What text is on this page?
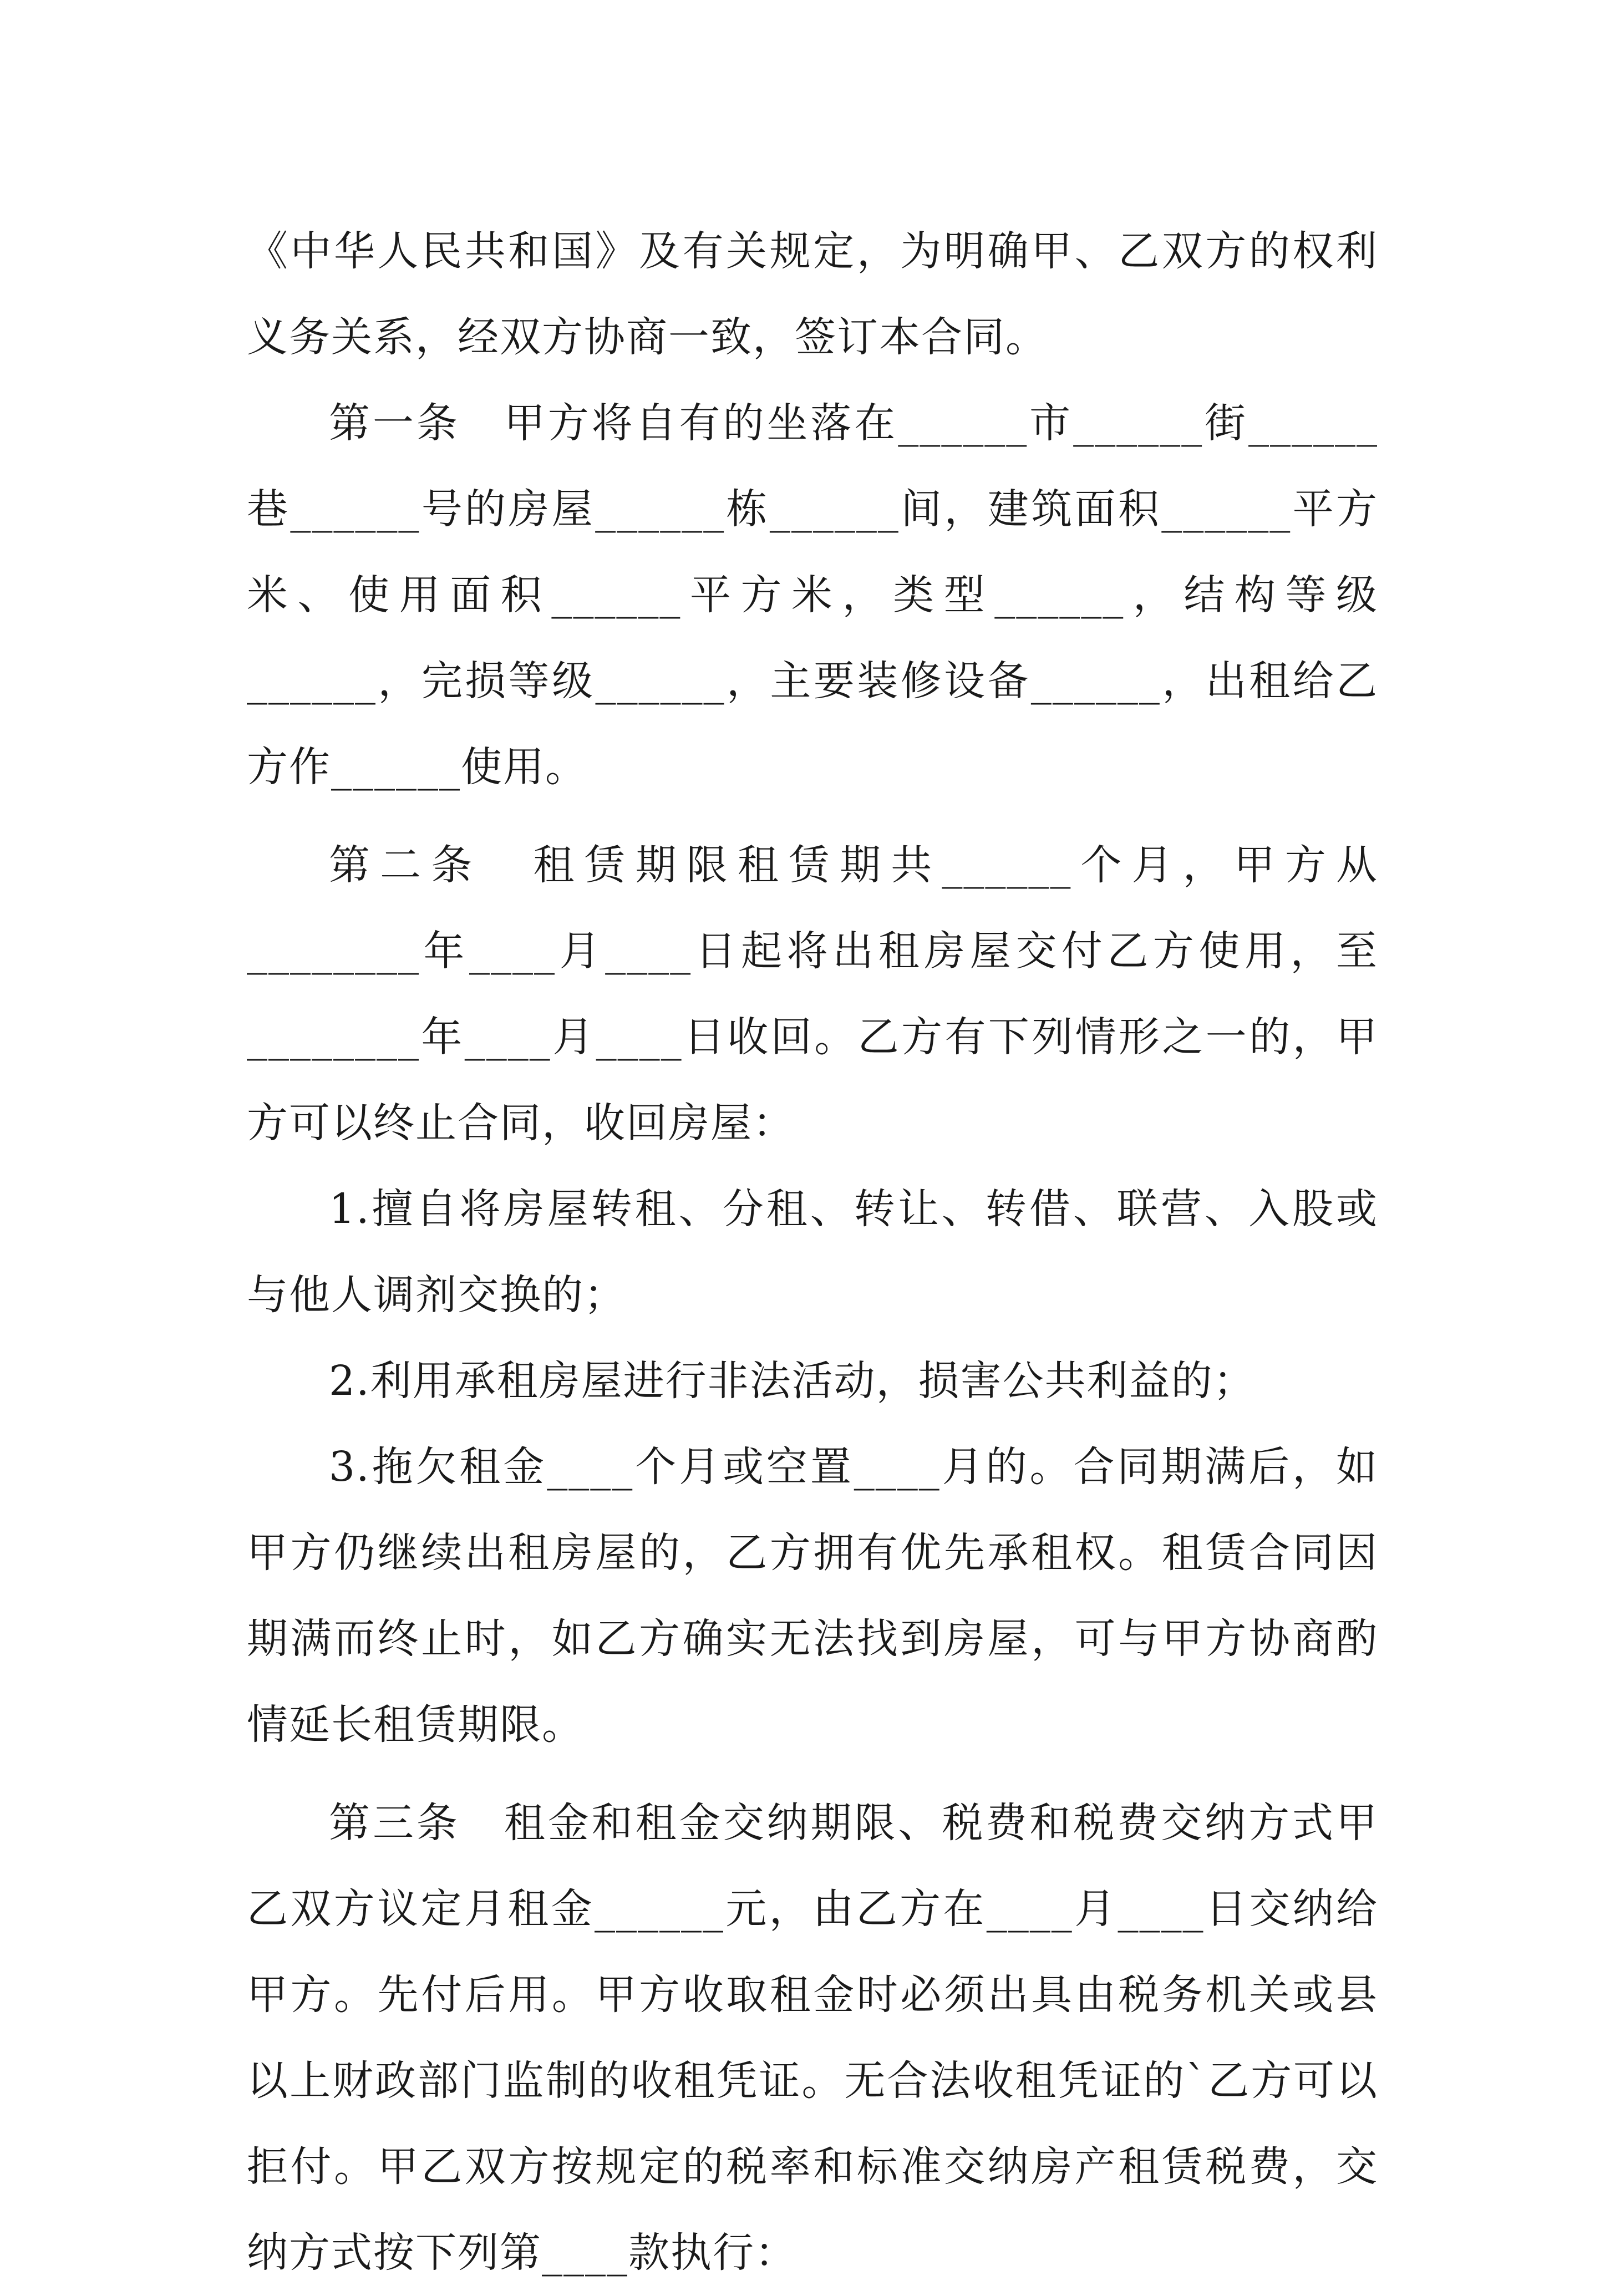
《中华人民共和国》及有关规定，为明确甲、乙双方的权利义务关系，经双方协商一致，签订本合同。

第一条　甲方将自有的坐落在______市______街______巷______号的房屋______栋______间，建筑面积______平方米、使用面积______平方米，类型______，结构等级______，完损等级______，主要装修设备______，出租给乙方作______使用。

第二条　租赁期限租赁期共______个月，甲方从________年____月____日起将出租房屋交付乙方使用，至________年____月____日收回。乙方有下列情形之一的，甲方可以终止合同，收回房屋：

1.擅自将房屋转租、分租、转让、转借、联营、入股或与他人调剂交换的；

2.利用承租房屋进行非法活动，损害公共利益的；

3.拖欠租金____个月或空置____月的。合同期满后，如甲方仍继续出租房屋的，乙方拥有优先承租权。租赁合同因期满而终止时，如乙方确实无法找到房屋，可与甲方协商酌情延长租赁期限。

第三条　租金和租金交纳期限、税费和税费交纳方式甲乙双方议定月租金______元，由乙方在____月____日交纳给甲方。先付后用。甲方收取租金时必须出具由税务机关或县以上财政部门监制的收租凭证。无合法收租凭证的`乙方可以拒付。甲乙双方按规定的税率和标准交纳房产租赁税费，交纳方式按下列第____款执行：
